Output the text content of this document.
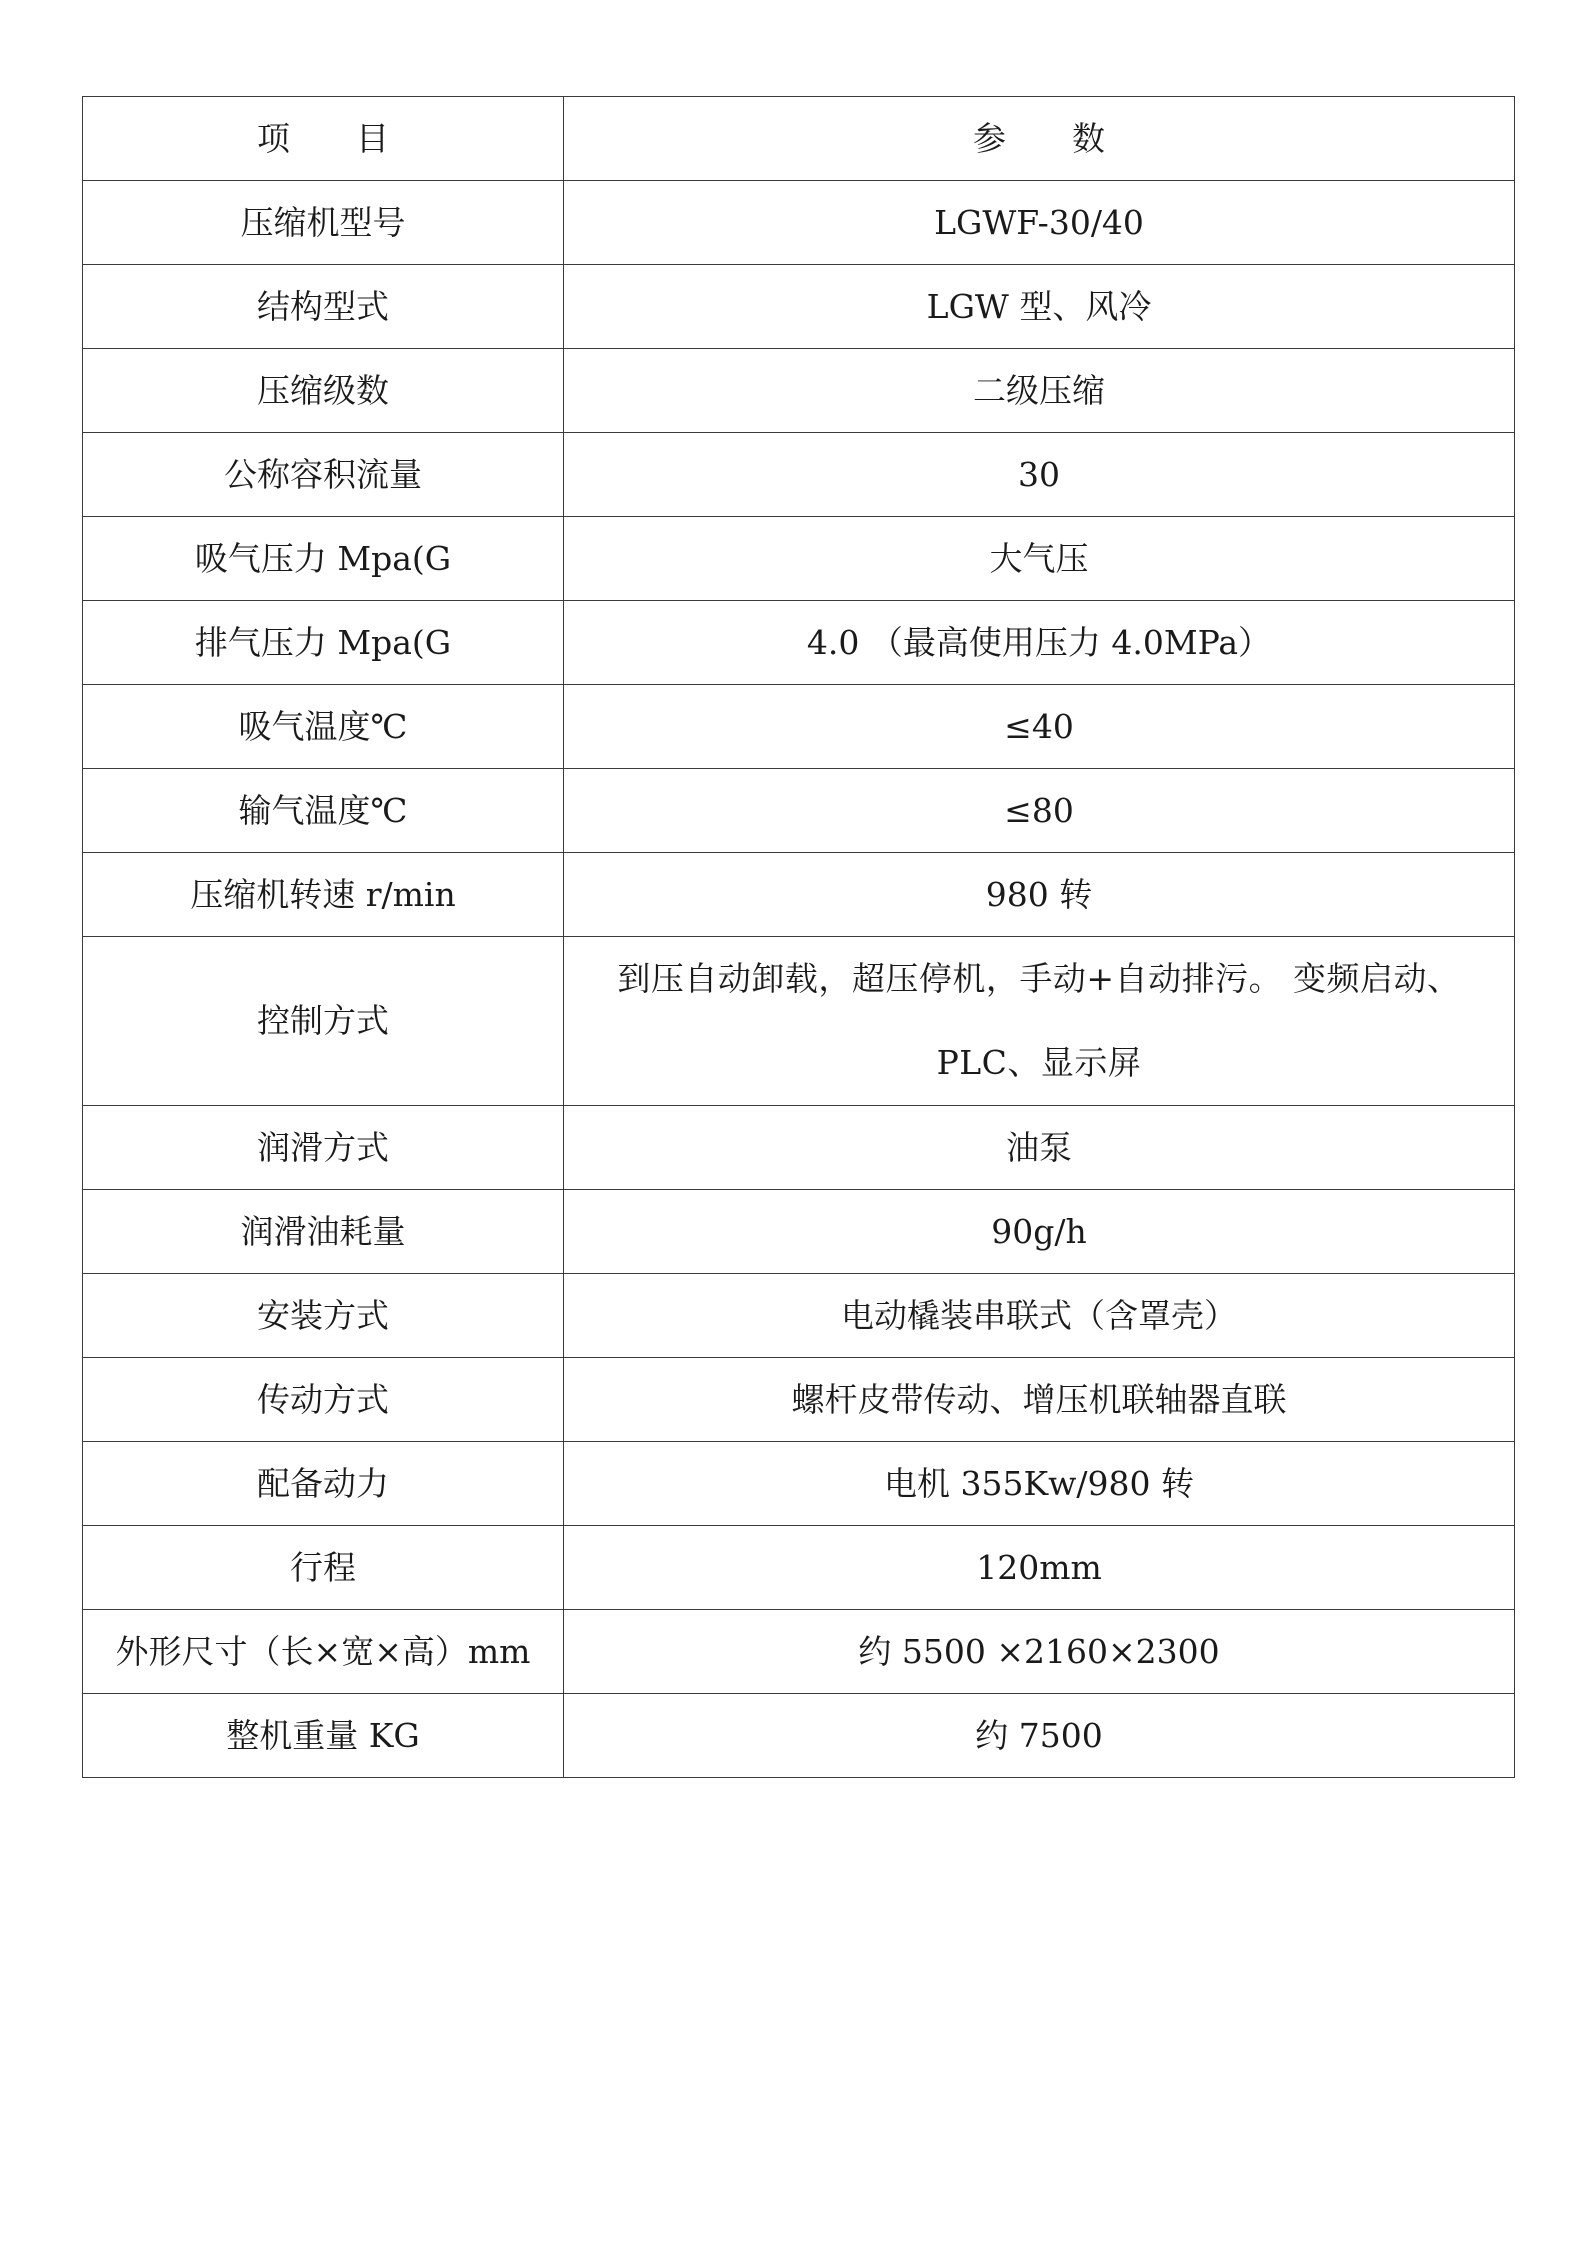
项　　目	参　　数
压缩机型号	LGWF-30/40
结构型式	LGW 型、风冷
压缩级数	二级压缩
公称容积流量	30
吸气压力 Mpa(G	大气压
排气压力 Mpa(G	4.0 （最高使用压力 4.0MPa）
吸气温度℃	≤40
输气温度℃	≤80
压缩机转速 r/min	980 转
控制方式	到压自动卸载，超压停机，手动+自动排污。 变频启动、PLC、显示屏
润滑方式	油泵
润滑油耗量	90g/h
安装方式	电动橇装串联式（含罩壳）
传动方式	螺杆皮带传动、增压机联轴器直联
配备动力	电机 355Kw/980 转
行程	120mm
外形尺寸（长×宽×高）mm	约 5500 ×2160×2300
整机重量 KG	约 7500
